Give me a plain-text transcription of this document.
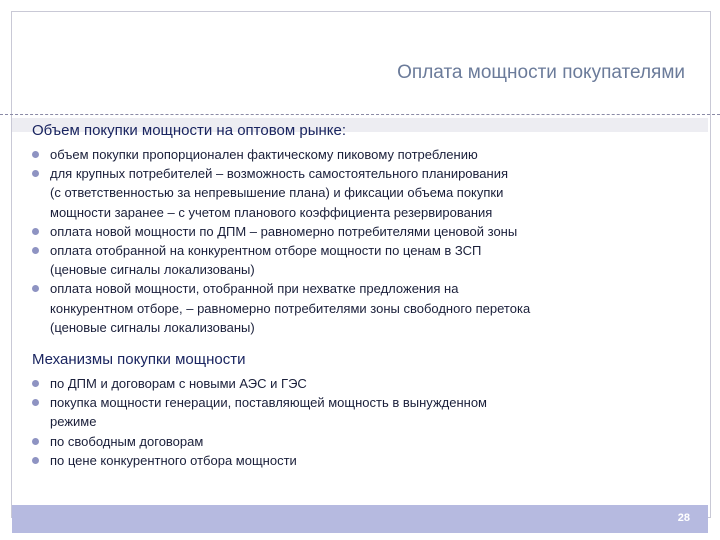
Оплата мощности покупателями
Объем покупки мощности на оптовом рынке:
объем покупки пропорционален фактическому пиковому потреблению
для крупных потребителей – возможность самостоятельного планирования
(с ответственностью за непревышение плана) и фиксации объема покупки
мощности заранее – с учетом планового коэффициента резервирования
оплата новой мощности по ДПМ – равномерно потребителями ценовой зоны
оплата отобранной на конкурентном отборе мощности по ценам в ЗСП
(ценовые сигналы локализованы)
оплата новой мощности, отобранной при нехватке предложения на
конкурентном отборе, – равномерно потребителями зоны свободного перетока
(ценовые сигналы локализованы)
Механизмы покупки мощности
по ДПМ и договорам с новыми АЭС и ГЭС
покупка мощности генерации, поставляющей мощность в вынужденном
режиме
по свободным договорам
по цене конкурентного отбора мощности
28
